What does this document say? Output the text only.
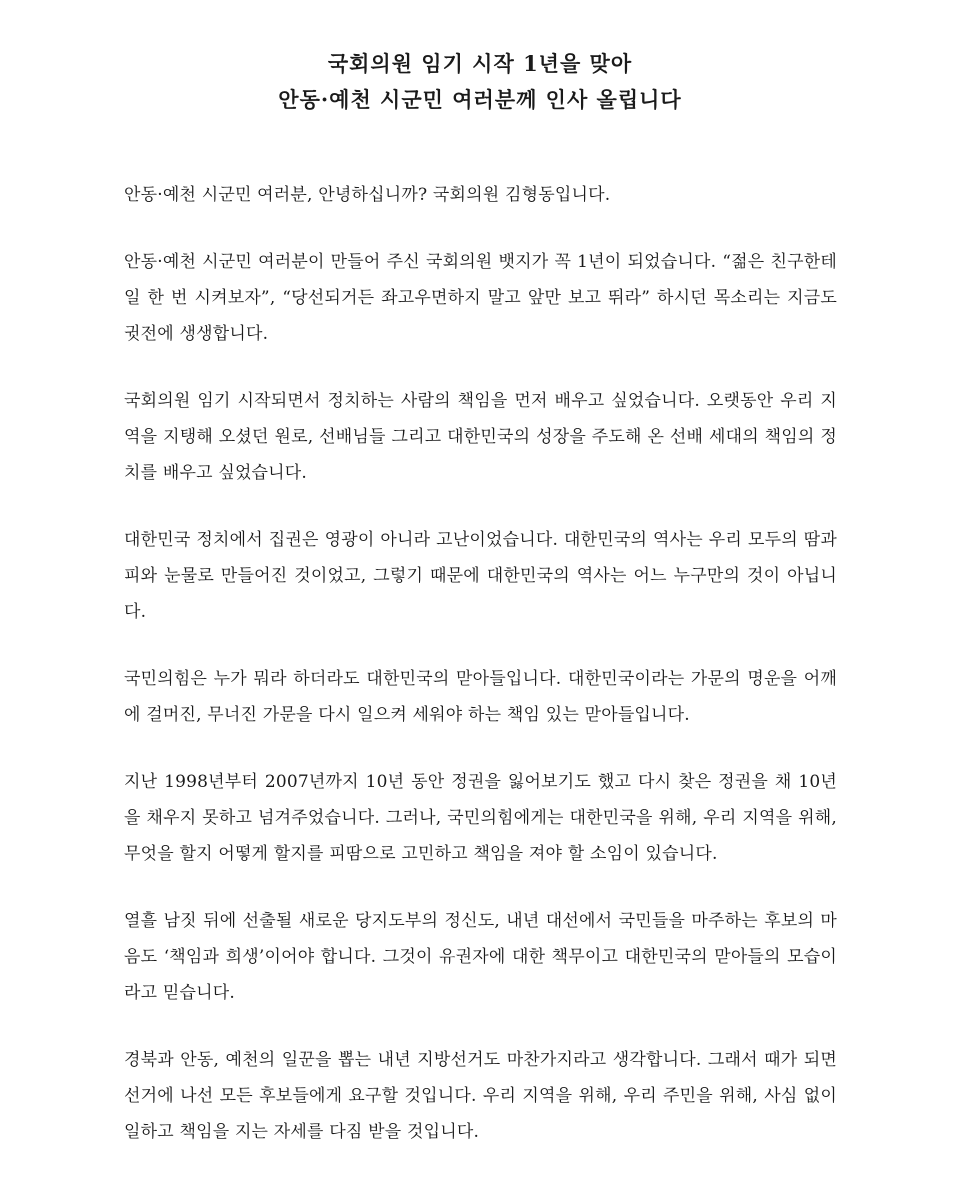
국회의원 임기 시작 1년을 맞아

안동·예천 시군민 여러분께 인사 올립니다

안동·예천 시군민 여러분, 안녕하십니까? 국회의원 김형동입니다.

안동·예천 시군민 여러분이 만들어 주신 국회의원 뱃지가 꼭 1년이 되었습니다. “젊은 친구한테 일 한 번 시켜보자”, “당선되거든 좌고우면하지 말고 앞만 보고 뛰라” 하시던 목소리는 지금도 귓전에 생생합니다.

국회의원 임기 시작되면서 정치하는 사람의 책임을 먼저 배우고 싶었습니다. 오랫동안 우리 지역을 지탱해 오셨던 원로, 선배님들 그리고 대한민국의 성장을 주도해 온 선배 세대의 책임의 정치를 배우고 싶었습니다.

대한민국 정치에서 집권은 영광이 아니라 고난이었습니다. 대한민국의 역사는 우리 모두의 땀과 피와 눈물로 만들어진 것이었고, 그렇기 때문에 대한민국의 역사는 어느 누구만의 것이 아닙니다.

국민의힘은 누가 뭐라 하더라도 대한민국의 맏아들입니다. 대한민국이라는 가문의 명운을 어깨에 걸머진, 무너진 가문을 다시 일으켜 세워야 하는 책임 있는 맏아들입니다.

지난 1998년부터 2007년까지 10년 동안 정권을 잃어보기도 했고 다시 찾은 정권을 채 10년을 채우지 못하고 넘겨주었습니다. 그러나, 국민의힘에게는 대한민국을 위해, 우리 지역을 위해, 무엇을 할지 어떻게 할지를 피땀으로 고민하고 책임을 져야 할 소임이 있습니다.

열흘 남짓 뒤에 선출될 새로운 당지도부의 정신도, 내년 대선에서 국민들을 마주하는 후보의 마음도 ‘책임과 희생’이어야 합니다. 그것이 유권자에 대한 책무이고 대한민국의 맏아들의 모습이라고 믿습니다.

경북과 안동, 예천의 일꾼을 뽑는 내년 지방선거도 마찬가지라고 생각합니다. 그래서 때가 되면 선거에 나선 모든 후보들에게 요구할 것입니다. 우리 지역을 위해, 우리 주민을 위해, 사심 없이 일하고 책임을 지는 자세를 다짐 받을 것입니다.
